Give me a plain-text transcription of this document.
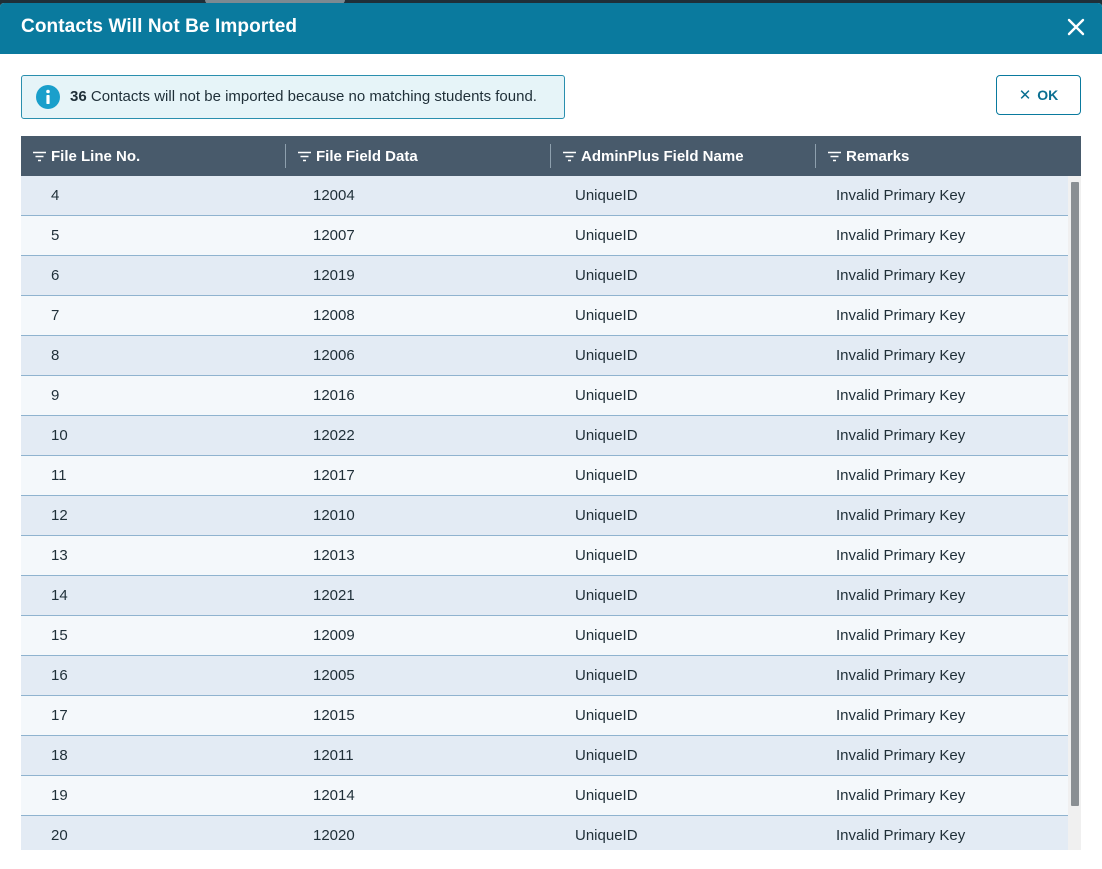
Contacts Will Not Be Imported
36 Contacts will not be imported because no matching students found.	✕ OK
File Line No.	File Field Data	AdminPlus Field Name	Remarks
4	12004	UniqueID	Invalid Primary Key
5	12007	UniqueID	Invalid Primary Key
6	12019	UniqueID	Invalid Primary Key
7	12008	UniqueID	Invalid Primary Key
8	12006	UniqueID	Invalid Primary Key
9	12016	UniqueID	Invalid Primary Key
10	12022	UniqueID	Invalid Primary Key
11	12017	UniqueID	Invalid Primary Key
12	12010	UniqueID	Invalid Primary Key
13	12013	UniqueID	Invalid Primary Key
14	12021	UniqueID	Invalid Primary Key
15	12009	UniqueID	Invalid Primary Key
16	12005	UniqueID	Invalid Primary Key
17	12015	UniqueID	Invalid Primary Key
18	12011	UniqueID	Invalid Primary Key
19	12014	UniqueID	Invalid Primary Key
20	12020	UniqueID	Invalid Primary Key
